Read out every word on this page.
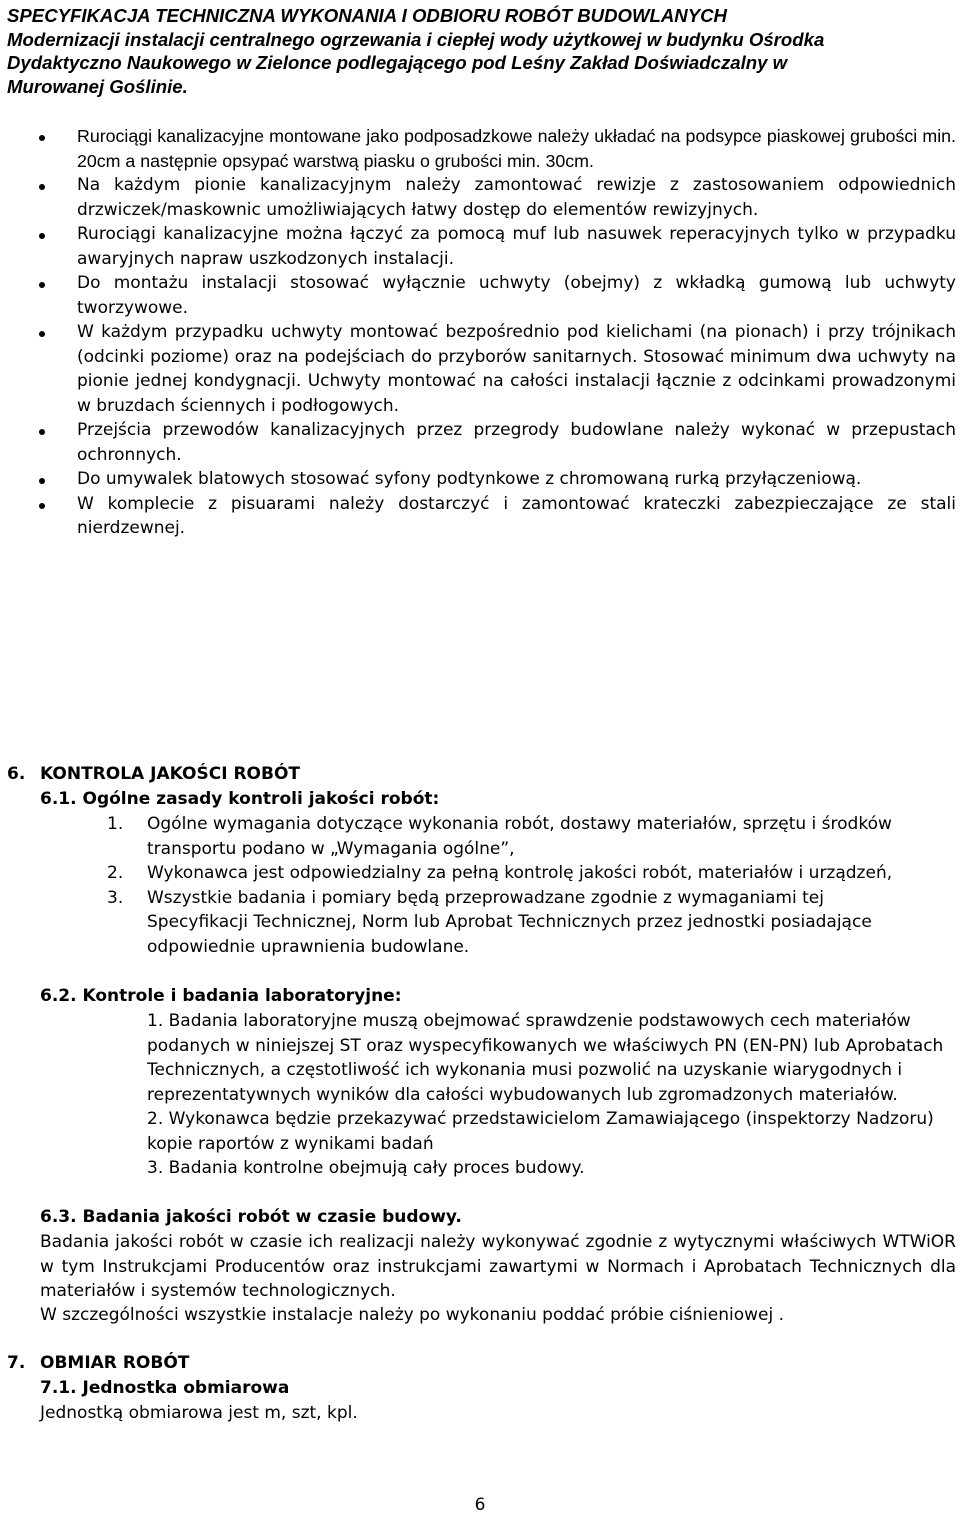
SPECYFIKACJA TECHNICZNA WYKONANIA I ODBIORU ROBÓT BUDOWLANYCH
Modernizacji instalacji centralnego ogrzewania i ciepłej wody użytkowej w budynku Ośrodka
Dydaktyczno Naukowego w Zielonce podlegającego pod Leśny Zakład Doświadczalny w
Murowanej Goślinie.
Rurociągi kanalizacyjne montowane jako podposadzkowe należy układać na podsypce piaskowej grubości min. 20cm a następnie opsypać warstwą piasku o grubości min. 30cm.
Na każdym pionie kanalizacyjnym należy zamontować rewizje z zastosowaniem odpowiednich drzwiczek/maskownic umożliwiających łatwy dostęp do elementów rewizyjnych.
Rurociągi kanalizacyjne można łączyć za pomocą muf lub nasuwek reperacyjnych tylko w przypadku awaryjnych napraw uszkodzonych instalacji.
Do montażu instalacji stosować wyłącznie uchwyty (obejmy) z wkładką gumową lub uchwyty tworzywowe.
W każdym przypadku uchwyty montować bezpośrednio pod kielichami (na pionach) i przy trójnikach (odcinki poziome) oraz na podejściach do przyborów sanitarnych. Stosować minimum dwa uchwyty na pionie jednej kondygnacji. Uchwyty montować na całości instalacji łącznie z odcinkami prowadzonymi w bruzdach ściennych i podłogowych.
Przejścia przewodów kanalizacyjnych przez przegrody budowlane należy wykonać w przepustach ochronnych.
Do umywalek blatowych stosować syfony podtynkowe z chromowaną rurką przyłączeniową.
W komplecie z pisuarami należy dostarczyć i zamontować krateczki zabezpieczające ze stali nierdzewnej.
6. KONTROLA JAKOŚCI ROBÓT
6.1. Ogólne zasady kontroli jakości robót:
1. Ogólne wymagania dotyczące wykonania robót, dostawy materiałów, sprzętu i środków transportu podano w „Wymagania ogólne”,
2. Wykonawca jest odpowiedzialny za pełną kontrolę jakości robót, materiałów i urządzeń,
3. Wszystkie badania i pomiary będą przeprowadzane zgodnie z wymaganiami tej Specyfikacji Technicznej, Norm lub Aprobat Technicznych przez jednostki posiadające odpowiednie uprawnienia budowlane.
6.2. Kontrole i badania laboratoryjne:
1. Badania laboratoryjne muszą obejmować sprawdzenie podstawowych cech materiałów podanych w niniejszej ST oraz wyspecyfikowanych we właściwych PN (EN-PN) lub Aprobatach Technicznych, a częstotliwość ich wykonania musi pozwolić na uzyskanie wiarygodnych i reprezentatywnych wyników dla całości wybudowanych lub zgromadzonych materiałów.
2. Wykonawca będzie przekazywać przedstawicielom Zamawiającego (inspektorzy Nadzoru) kopie raportów z wynikami badań
3. Badania kontrolne obejmują cały proces budowy.
6.3. Badania jakości robót w czasie budowy.
Badania jakości robót w czasie ich realizacji należy wykonywać zgodnie z wytycznymi właściwych WTWiOR w tym Instrukcjami Producentów oraz instrukcjami zawartymi w Normach i Aprobatach Technicznych dla materiałów i systemów technologicznych.
W szczególności wszystkie instalacje należy po wykonaniu poddać próbie ciśnieniowej .
7. OBMIAR ROBÓT
7.1. Jednostka obmiarowa
Jednostką obmiarowa jest m, szt, kpl.
6
